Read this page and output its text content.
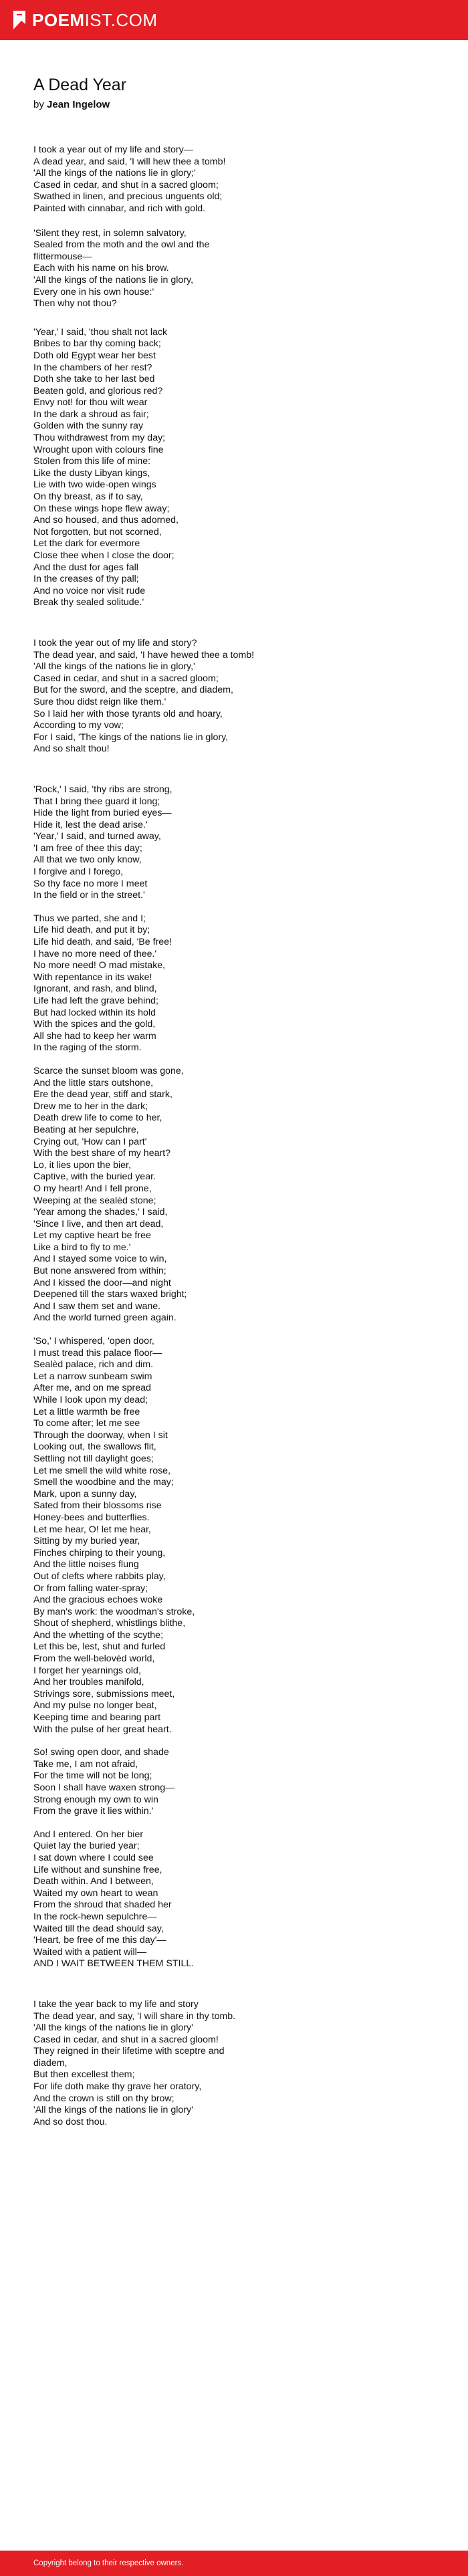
POEMIST.COM
A Dead Year
by Jean Ingelow
I took a year out of my life and story—
A dead year, and said, 'I will hew thee a tomb!
'All the kings of the nations lie in glory;'
Cased in cedar, and shut in a sacred gloom;
Swathed in linen, and precious unguents old;
Painted with cinnabar, and rich with gold.
'Silent they rest, in solemn salvatory,
Sealed from the moth and the owl and the
flittermouse—
Each with his name on his brow.
'All the kings of the nations lie in glory,
Every one in his own house:'
Then why not thou?
'Year,' I said, 'thou shalt not lack
Bribes to bar thy coming back;
Doth old Egypt wear her best
In the chambers of her rest?
Doth she take to her last bed
Beaten gold, and glorious red?
Envy not! for thou wilt wear
In the dark a shroud as fair;
Golden with the sunny ray
Thou withdrawest from my day;
Wrought upon with colours fine
Stolen from this life of mine:
Like the dusty Libyan kings,
Lie with two wide-open wings
On thy breast, as if to say,
On these wings hope flew away;
And so housed, and thus adorned,
Not forgotten, but not scorned,
Let the dark for evermore
Close thee when I close the door;
And the dust for ages fall
In the creases of thy pall;
And no voice nor visit rude
Break thy sealed solitude.'
I took the year out of my life and story?
The dead year, and said, 'I have hewed thee a tomb!
'All the kings of the nations lie in glory,'
Cased in cedar, and shut in a sacred gloom;
But for the sword, and the sceptre, and diadem,
Sure thou didst reign like them.'
So I laid her with those tyrants old and hoary,
According to my vow;
For I said, 'The kings of the nations lie in glory,
And so shalt thou!
'Rock,' I said, 'thy ribs are strong,
That I bring thee guard it long;
Hide the light from buried eyes—
Hide it, lest the dead arise.'
'Year,' I said, and turned away,
'I am free of thee this day;
All that we two only know,
I forgive and I forego,
So thy face no more I meet
In the field or in the street.'
Thus we parted, she and I;
Life hid death, and put it by;
Life hid death, and said, 'Be free!
I have no more need of thee.'
No more need! O mad mistake,
With repentance in its wake!
Ignorant, and rash, and blind,
Life had left the grave behind;
But had locked within its hold
With the spices and the gold,
All she had to keep her warm
In the raging of the storm.
Scarce the sunset bloom was gone,
And the little stars outshone,
Ere the dead year, stiff and stark,
Drew me to her in the dark;
Death drew life to come to her,
Beating at her sepulchre,
Crying out, 'How can I part'
With the best share of my heart?
Lo, it lies upon the bier,
Captive, with the buried year.
O my heart! And I fell prone,
Weeping at the sealèd stone;
'Year among the shades,' I said,
'Since I live, and then art dead,
Let my captive heart be free
Like a bird to fly to me.'
And I stayed some voice to win,
But none answered from within;
And I kissed the door—and night
Deepened till the stars waxed bright;
And I saw them set and wane.
And the world turned green again.
'So,' I whispered, 'open door,
I must tread this palace floor—
Sealèd palace, rich and dim.
Let a narrow sunbeam swim
After me, and on me spread
While I look upon my dead;
Let a little warmth be free
To come after; let me see
Through the doorway, when I sit
Looking out, the swallows flit,
Settling not till daylight goes;
Let me smell the wild white rose,
Smell the woodbine and the may;
Mark, upon a sunny day,
Sated from their blossoms rise
Honey-bees and butterflies.
Let me hear, O! let me hear,
Sitting by my buried year,
Finches chirping to their young,
And the little noises flung
Out of clefts where rabbits play,
Or from falling water-spray;
And the gracious echoes woke
By man's work: the woodman's stroke,
Shout of shepherd, whistlings blithe,
And the whetting of the scythe;
Let this be, lest, shut and furled
From the well-belovèd world,
I forget her yearnings old,
And her troubles manifold,
Strivings sore, submissions meet,
And my pulse no longer beat,
Keeping time and bearing part
With the pulse of her great heart.
So! swing open door, and shade
Take me, I am not afraid,
For the time will not be long;
Soon I shall have waxen strong—
Strong enough my own to win
From the grave it lies within.'
And I entered. On her bier
Quiet lay the buried year;
I sat down where I could see
Life without and sunshine free,
Death within. And I between,
Waited my own heart to wean
From the shroud that shaded her
In the rock-hewn sepulchre—
Waited till the dead should say,
'Heart, be free of me this day'—
Waited with a patient will—
AND I WAIT BETWEEN THEM STILL.
I take the year back to my life and story
The dead year, and say, 'I will share in thy tomb.
'All the kings of the nations lie in glory'
Cased in cedar, and shut in a sacred gloom!
They reigned in their lifetime with sceptre and
diadem,
But then excellest them;
For life doth make thy grave her oratory,
And the crown is still on thy brow;
'All the kings of the nations lie in glory'
And so dost thou.
Copyright belong to their respective owners.
